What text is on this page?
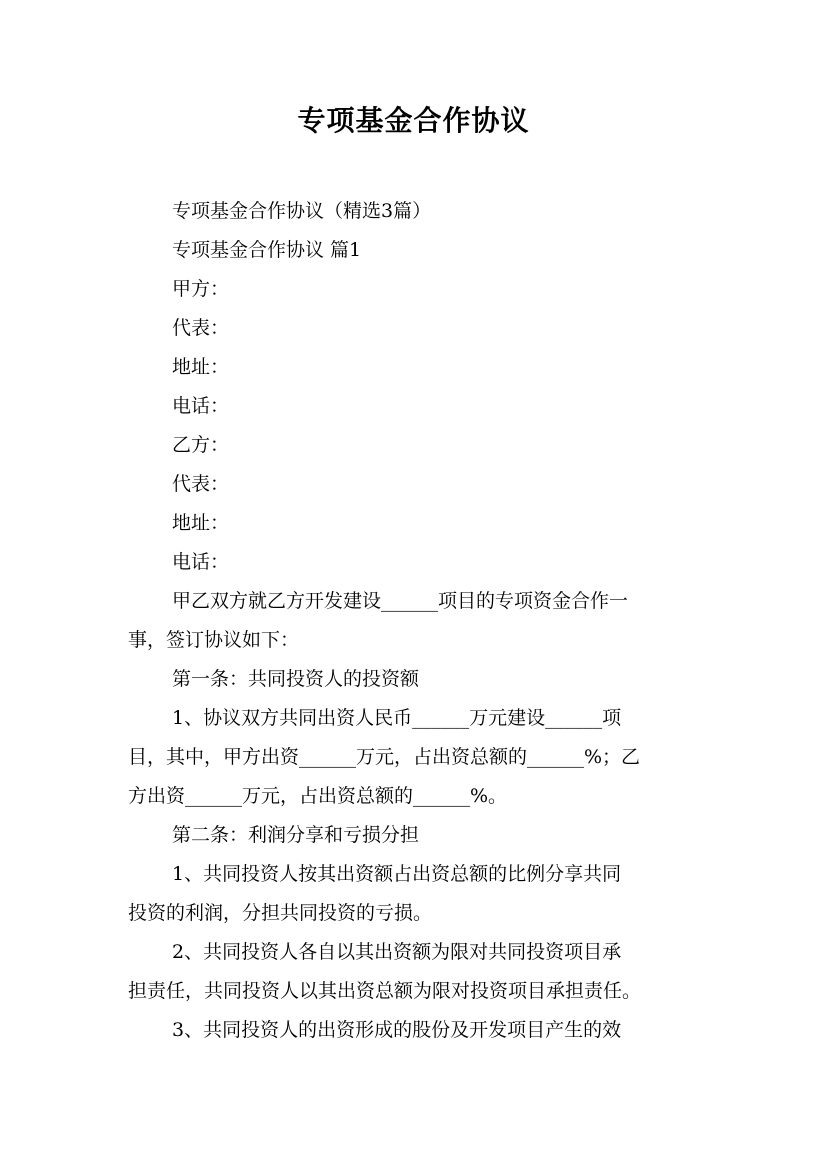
专项基金合作协议
专项基金合作协议（精选3篇）
专项基金合作协议 篇1
甲方：
代表：
地址：
电话：
乙方：
代表：
地址：
电话：
甲乙双方就乙方开发建设______项目的专项资金合作一
事，签订协议如下：
第一条：共同投资人的投资额
1、协议双方共同出资人民币______万元建设______项
目，其中，甲方出资______万元，占出资总额的______%；乙
方出资______万元，占出资总额的______%。
第二条：利润分享和亏损分担
1、共同投资人按其出资额占出资总额的比例分享共同
投资的利润，分担共同投资的亏损。
2、共同投资人各自以其出资额为限对共同投资项目承
担责任，共同投资人以其出资总额为限对投资项目承担责任。
3、共同投资人的出资形成的股份及开发项目产生的效
